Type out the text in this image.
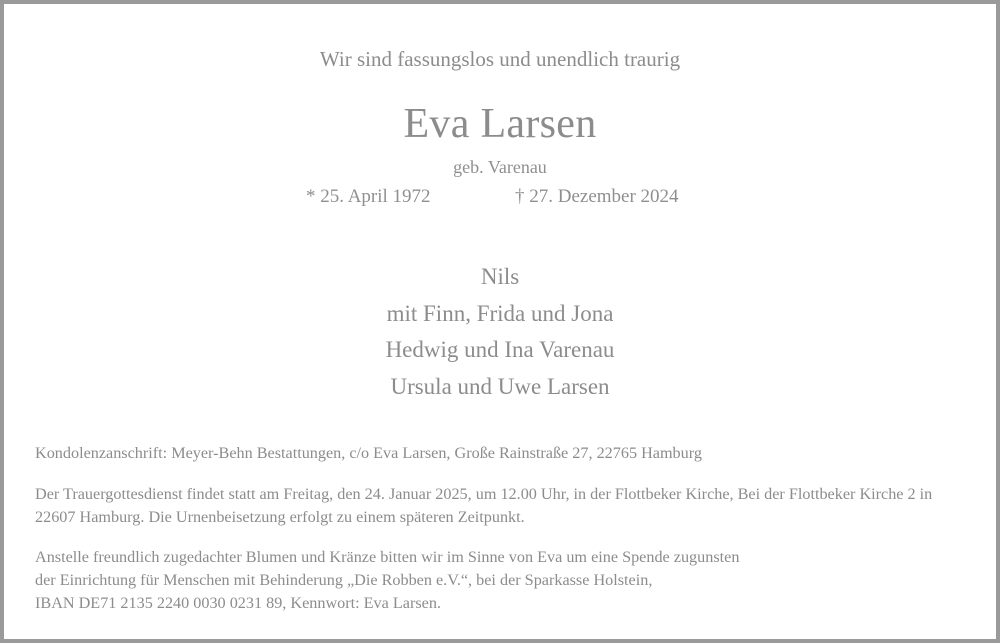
Wir sind fassungslos und unendlich traurig
Eva Larsen
geb. Varenau
* 25. April 1972	† 27. Dezember 2024
Nils
mit Finn, Frida und Jona
Hedwig und Ina Varenau
Ursula und Uwe Larsen

Kondolenzanschrift: Meyer-Behn Bestattungen, c/o Eva Larsen, Große Rainstraße 27, 22765 Hamburg

Der Trauergottesdienst findet statt am Freitag, den 24. Januar 2025, um 12.00 Uhr, in der Flottbeker Kirche, Bei der Flottbeker Kirche 2 in 22607 Hamburg. Die Urnenbeisetzung erfolgt zu einem späteren Zeitpunkt.

Anstelle freundlich zugedachter Blumen und Kränze bitten wir im Sinne von Eva um eine Spende zugunsten
der Einrichtung für Menschen mit Behinderung „Die Robben e.V.“, bei der Sparkasse Holstein,
IBAN DE71 2135 2240 0030 0231 89, Kennwort: Eva Larsen.
